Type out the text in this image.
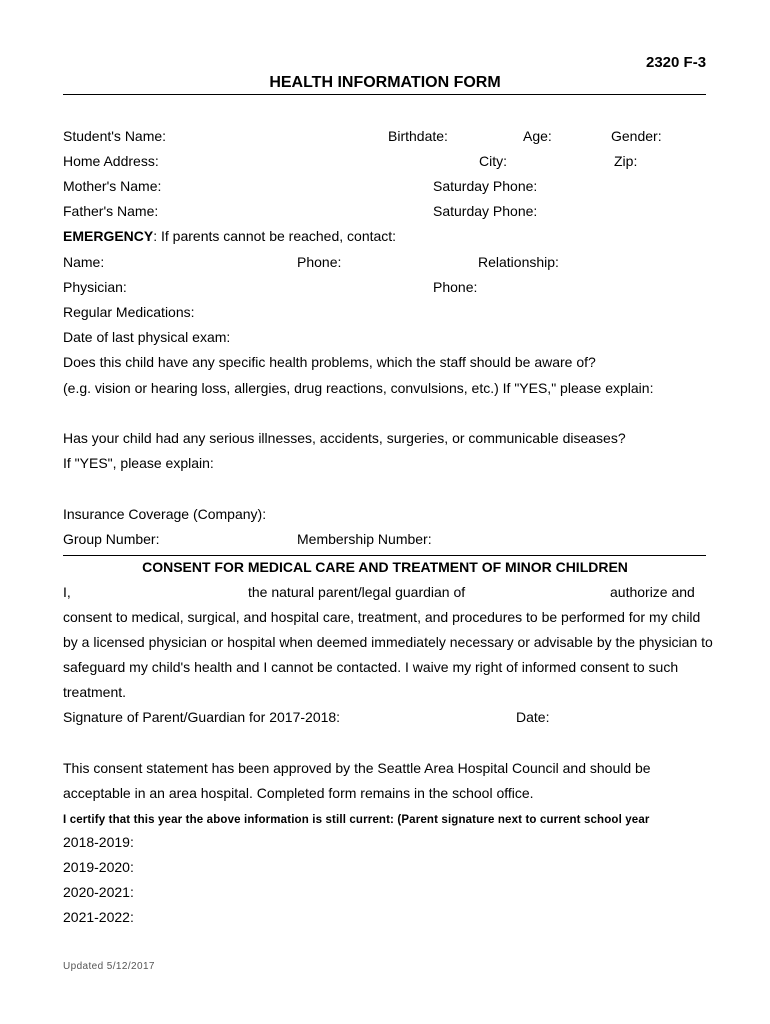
2320 F-3
HEALTH INFORMATION FORM
Student's Name:	Birthdate:	Age:	Gender:
Home Address:	City:	Zip:
Mother's Name:	Saturday Phone:
Father's Name:	Saturday Phone:
EMERGENCY: If parents cannot be reached, contact:
Name:	Phone:	Relationship:
Physician:	Phone:
Regular Medications:
Date of last physical exam:
Does this child have any specific health problems, which the staff should be aware of?
(e.g. vision or hearing loss, allergies, drug reactions, convulsions, etc.) If "YES," please explain:
Has your child had any serious illnesses, accidents, surgeries, or communicable diseases?
If "YES", please explain:
Insurance Coverage (Company):
Group Number:	Membership Number:
CONSENT FOR MEDICAL CARE AND TREATMENT OF MINOR CHILDREN
I,	the natural parent/legal guardian of	authorize and
consent to medical, surgical, and hospital care, treatment, and procedures to be performed for my child
by a licensed physician or hospital when deemed immediately necessary or advisable by the physician to
safeguard my child's health and I cannot be contacted. I waive my right of informed consent to such
treatment.
Signature of Parent/Guardian for 2017-2018:	Date:
This consent statement has been approved by the Seattle Area Hospital Council and should be
acceptable in an area hospital. Completed form remains in the school office.
I certify that this year the above information is still current: (Parent signature next to current school year
2018-2019:
2019-2020:
2020-2021:
2021-2022:
Updated 5/12/2017
